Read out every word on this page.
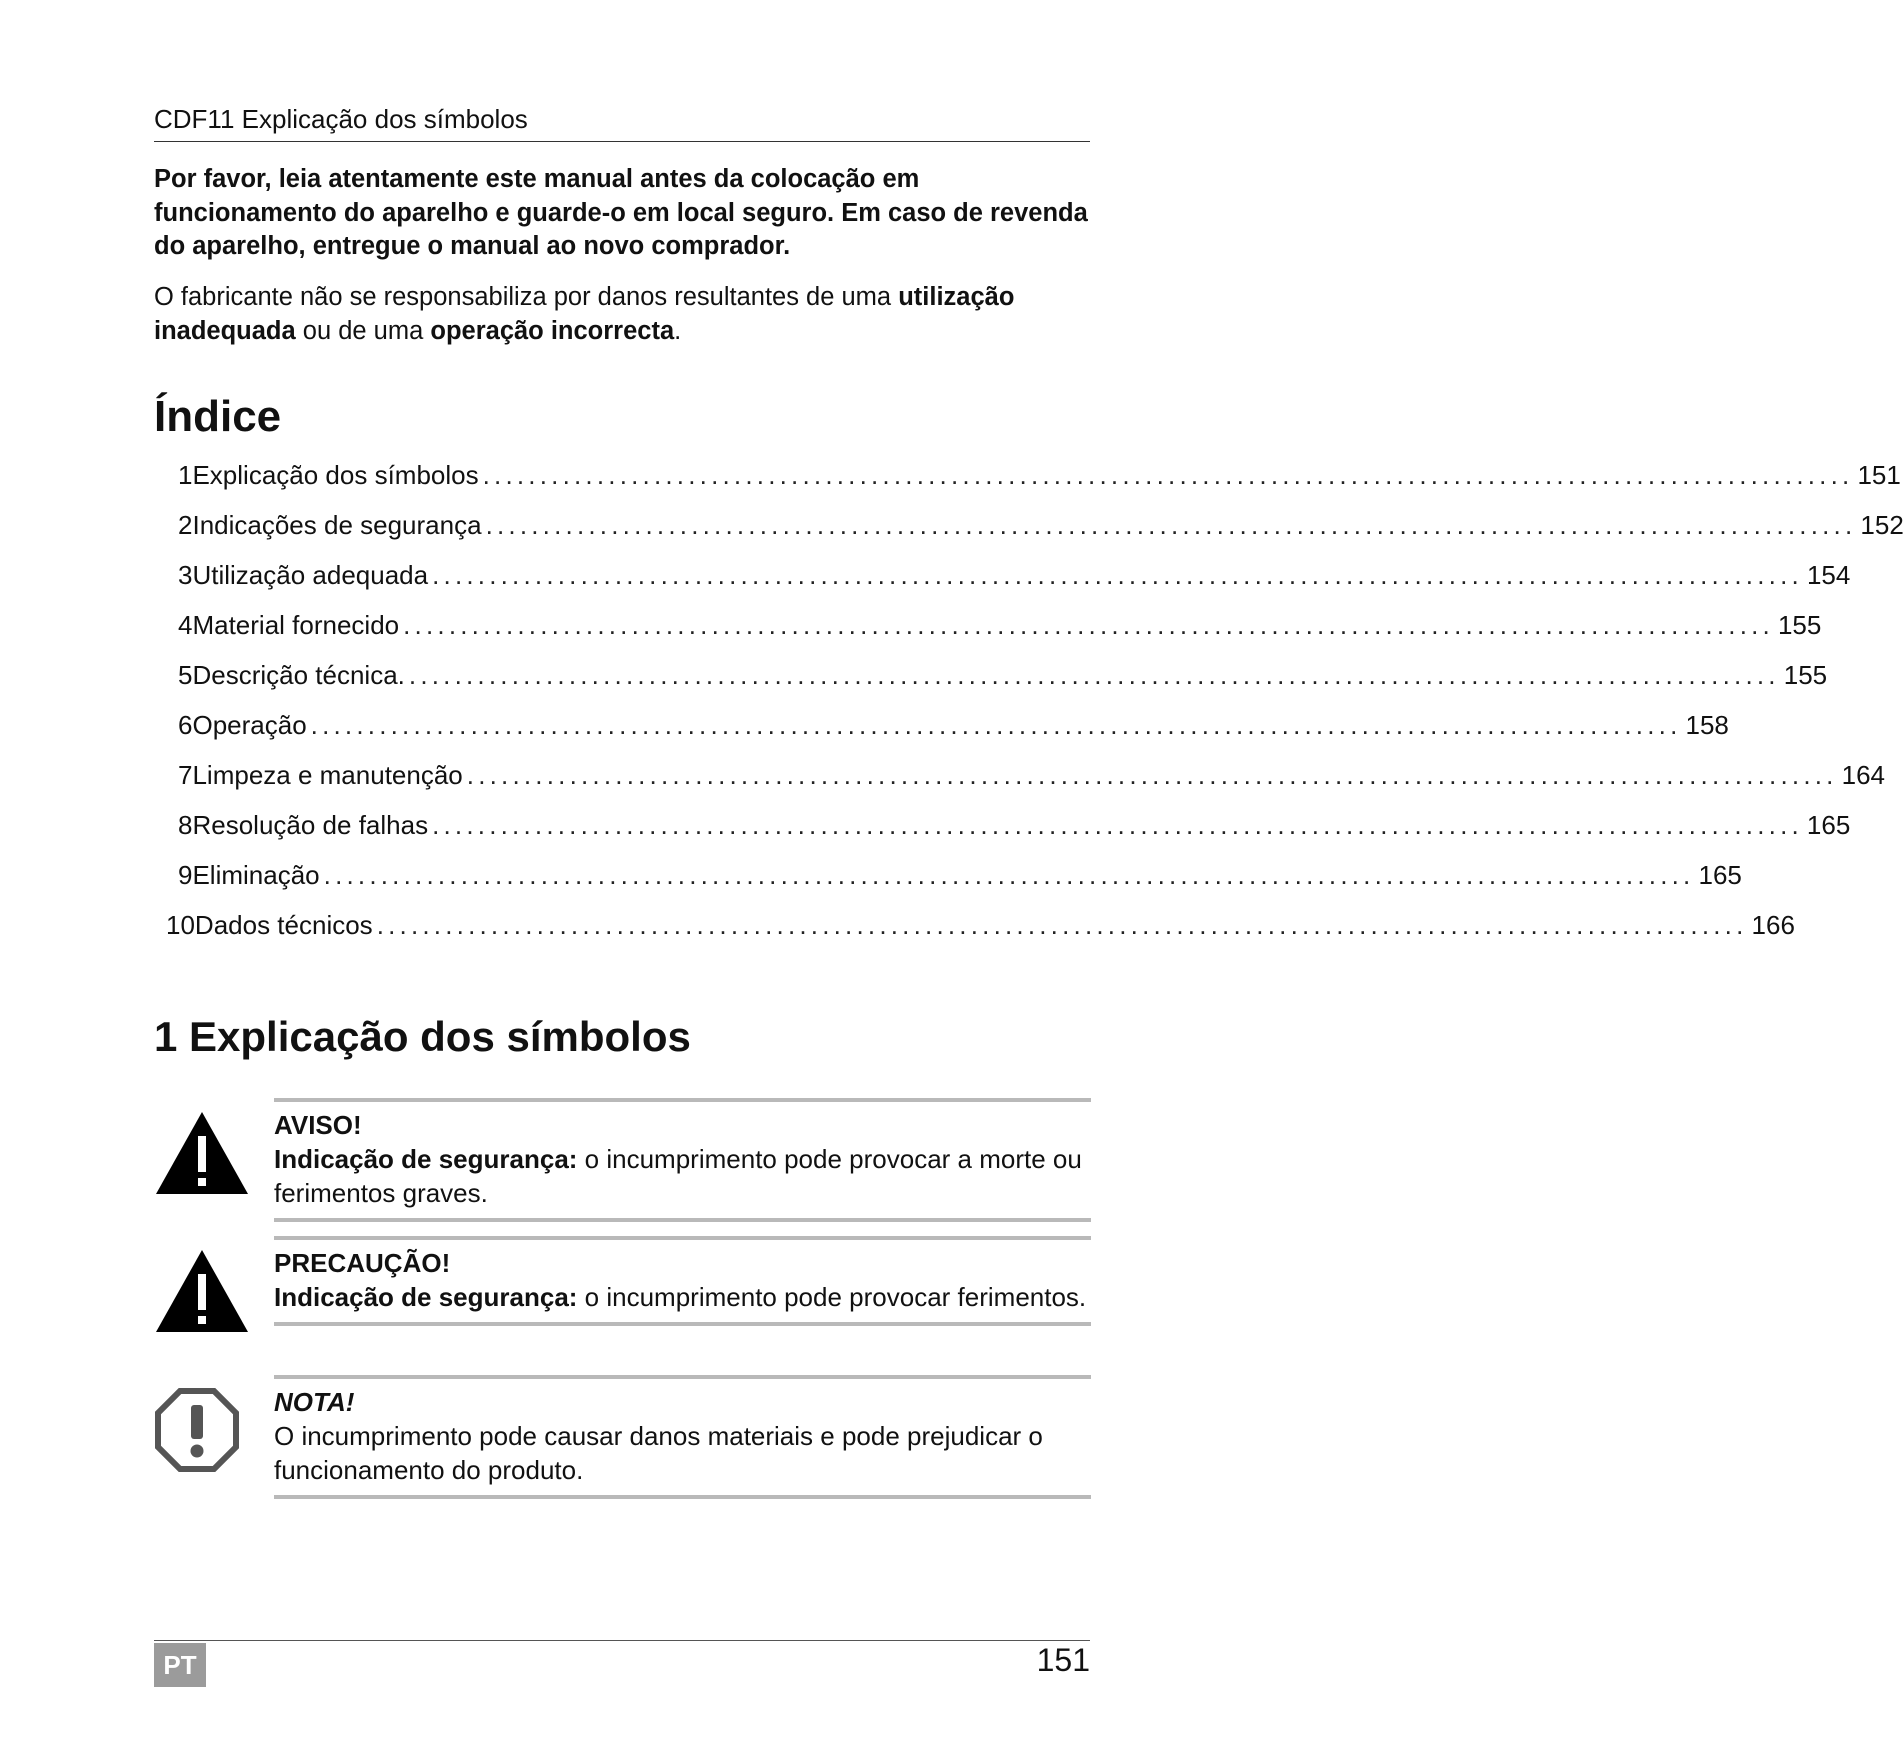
CDF11 Explicação dos símbolos
Por favor, leia atentamente este manual antes da colocação em funcionamento do aparelho e guarde-o em local seguro. Em caso de revenda do aparelho, entregue o manual ao novo comprador.
O fabricante não se responsabiliza por danos resultantes de uma utilização inadequada ou de uma operação incorrecta.
Índice
1 Explicação dos símbolos ........................................................................................................................ 151
2 Indicações de segurança ........................................................................................................................ 152
3 Utilização adequada ........................................................................................................................ 154
4 Material fornecido ........................................................................................................................ 155
5 Descrição técnica. ........................................................................................................................ 155
6 Operação ........................................................................................................................ 158
7 Limpeza e manutenção ........................................................................................................................ 164
8 Resolução de falhas ........................................................................................................................ 165
9 Eliminação ........................................................................................................................ 165
10 Dados técnicos ........................................................................................................................ 166
1 Explicação dos símbolos
AVISO!
Indicação de segurança: o incumprimento pode provocar a morte ou ferimentos graves.
PRECAUÇÃO!
Indicação de segurança: o incumprimento pode provocar ferimentos.
NOTA!
O incumprimento pode causar danos materiais e pode prejudicar o funcionamento do produto.
PT	151
